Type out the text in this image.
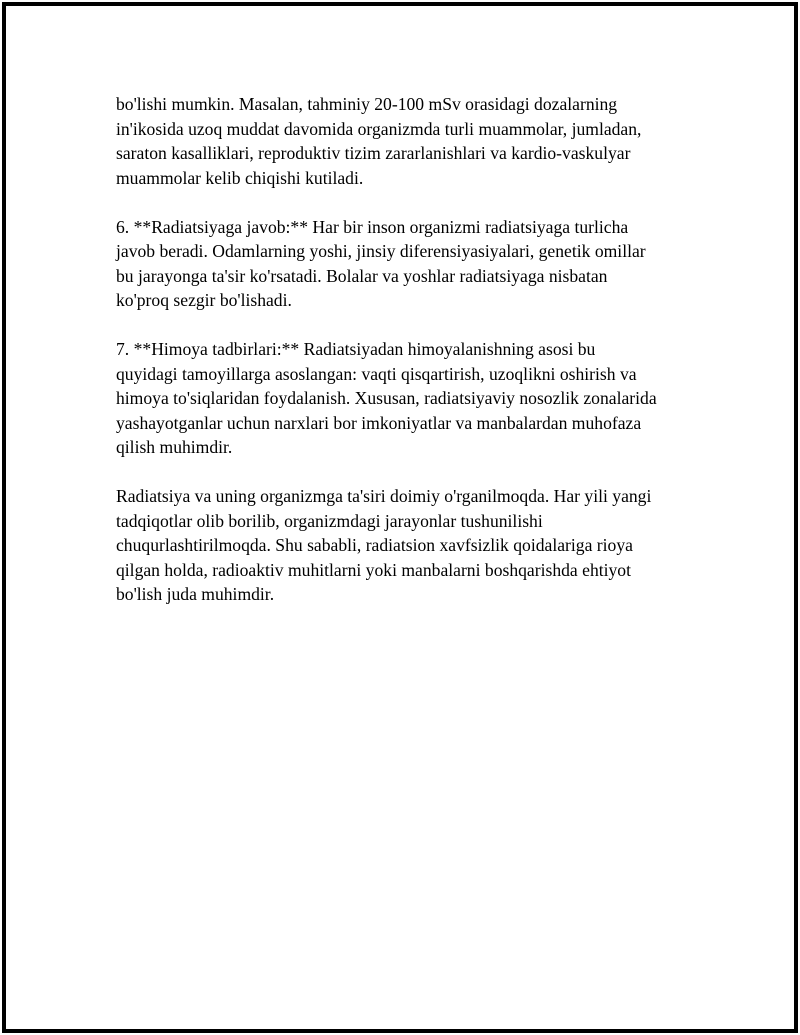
bo'lishi mumkin. Masalan, tahminiy 20-100 mSv orasidagi dozalarning
in'ikosida uzoq muddat davomida organizmda turli muammolar, jumladan,
saraton kasalliklari, reproduktiv tizim zararlanishlari va kardio-vaskulyar
muammolar kelib chiqishi kutiladi.

6. **Radiatsiyaga javob:** Har bir inson organizmi radiatsiyaga turlicha
javob beradi. Odamlarning yoshi, jinsiy diferensiyasiyalari, genetik omillar
bu jarayonga ta'sir ko'rsatadi. Bolalar va yoshlar radiatsiyaga nisbatan
ko'proq sezgir bo'lishadi.

7. **Himoya tadbirlari:** Radiatsiyadan himoyalanishning asosi bu
quyidagi tamoyillarga asoslangan: vaqti qisqartirish, uzoqlikni oshirish va
himoya to'siqlaridan foydalanish. Xususan, radiatsiyaviy nosozlik zonalarida
yashayotganlar uchun narxlari bor imkoniyatlar va manbalardan muhofaza
qilish muhimdir.

Radiatsiya va uning organizmga ta'siri doimiy o'rganilmoqda. Har yili yangi
tadqiqotlar olib borilib, organizmdagi jarayonlar tushunilishi
chuqurlashtirilmoqda. Shu sababli, radiatsion xavfsizlik qoidalariga rioya
qilgan holda, radioaktiv muhitlarni yoki manbalarni boshqarishda ehtiyot
bo'lish juda muhimdir.
